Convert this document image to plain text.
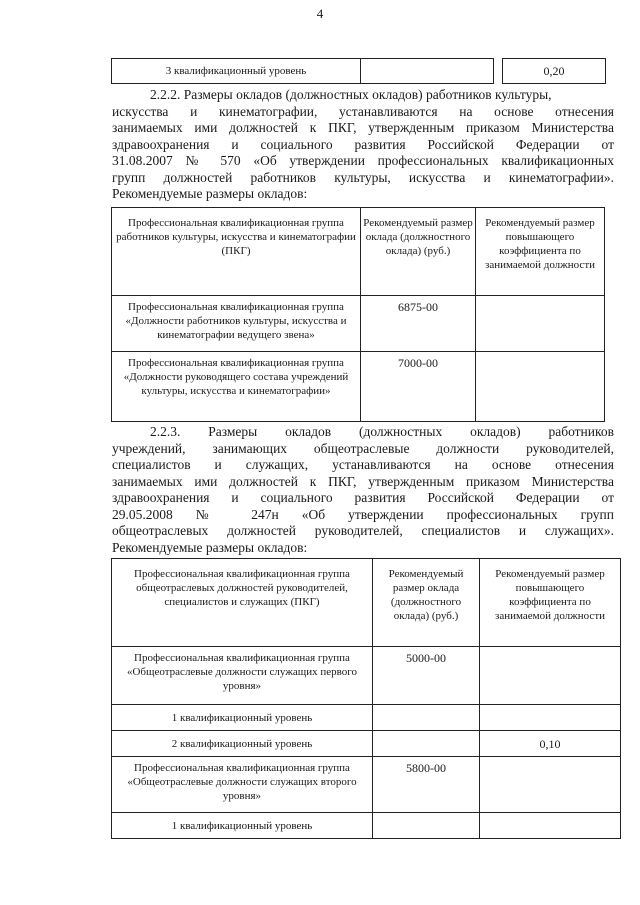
4
3 квалификационный уровень			0,20
2.2.2. Размеры окладов (должностных окладов) работников культуры,
искусства и кинематографии, устанавливаются на основе отнесения
занимаемых ими должностей к ПКГ, утвержденным приказом Министерства
здравоохранения и социального развития Российской Федерации от
31.08.2007 № 570 «Об утверждении профессиональных квалификационных
групп должностей работников культуры, искусства и кинематографии».
Рекомендуемые размеры окладов:
Профессиональная квалификационная группа работников культуры, искусства и кинематографии (ПКГ)	Рекомендуемый размер оклада (должностного оклада) (руб.)	Рекомендуемый размер повышающего коэффициента по занимаемой должности
Профессиональная квалификационная группа «Должности работников культуры, искусства и кинематографии ведущего звена»	6875-00	
Профессиональная квалификационная группа «Должности руководящего состава учреждений культуры, искусства и кинематографии»	7000-00	
2.2.3. Размеры окладов (должностных окладов) работников
учреждений, занимающих общеотраслевые должности руководителей,
специалистов и служащих, устанавливаются на основе отнесения
занимаемых ими должностей к ПКГ, утвержденным приказом Министерства
здравоохранения и социального развития Российской Федерации от
29.05.2008 № 247н «Об утверждении профессиональных групп
общеотраслевых должностей руководителей, специалистов и служащих».
Рекомендуемые размеры окладов:
Профессиональная квалификационная группа общеотраслевых должностей руководителей, специалистов и служащих (ПКГ)	Рекомендуемый размер оклада (должностного оклада) (руб.)	Рекомендуемый размер повышающего коэффициента по занимаемой должности
Профессиональная квалификационная группа «Общеотраслевые должности служащих первого уровня»	5000-00	
1 квалификационный уровень		
2 квалификационный уровень		0,10
Профессиональная квалификационная группа «Общеотраслевые должности служащих второго уровня»	5800-00	
1 квалификационный уровень		
